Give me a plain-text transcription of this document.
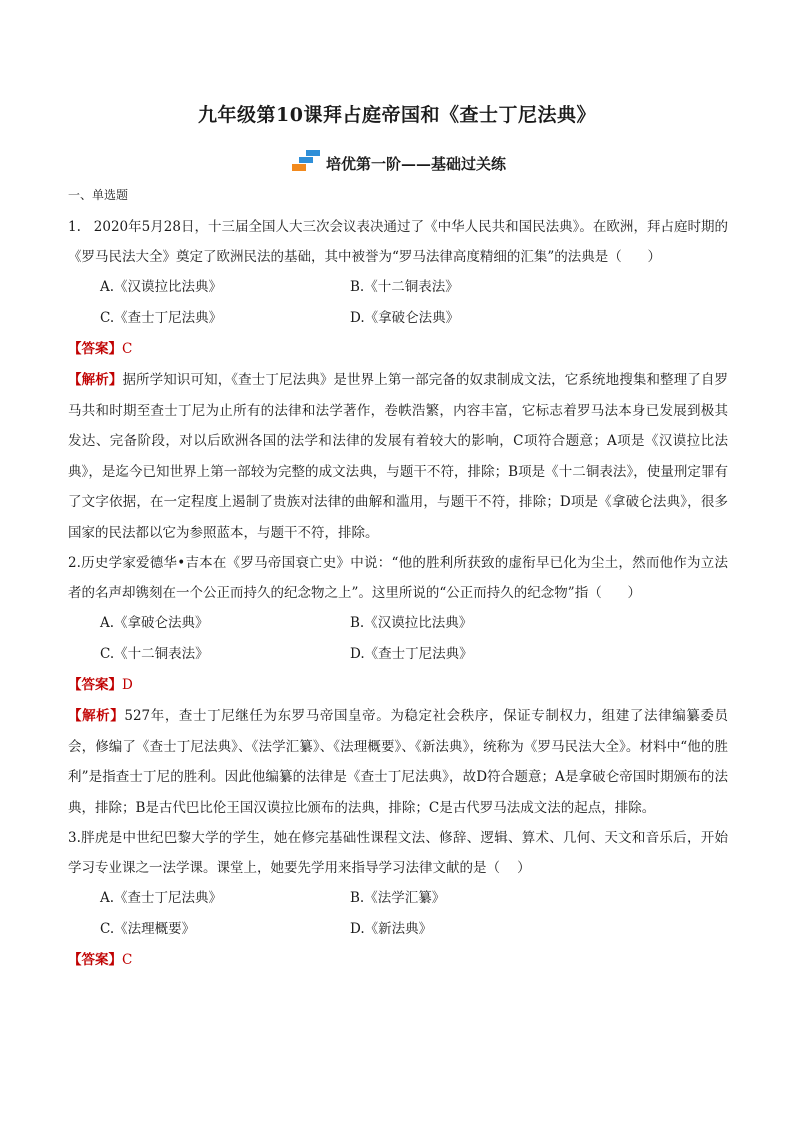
九年级第10课拜占庭帝国和《查士丁尼法典》
培优第一阶——基础过关练
一、单选题

1.   2020年5月28日，十三届全国人大三次会议表决通过了《中华人民共和国民法典》。在欧洲，拜占庭时期的《罗马民法大全》奠定了欧洲民法的基础，其中被誉为“罗马法律高度精细的汇集”的法典是（      ）

A.《汉谟拉比法典》	B.《十二铜表法》
C.《查士丁尼法典》	D.《拿破仑法典》
【答案】C

【解析】据所学知识可知，《查士丁尼法典》是世界上第一部完备的奴隶制成文法，它系统地搜集和整理了自罗马共和时期至查士丁尼为止所有的法律和法学著作，卷帙浩繁，内容丰富，它标志着罗马法本身已发展到极其发达、完备阶段，对以后欧洲各国的法学和法律的发展有着较大的影响，C项符合题意；A项是《汉谟拉比法典》，是迄今已知世界上第一部较为完整的成文法典，与题干不符，排除；B项是《十二铜表法》，使量刑定罪有了文字依据，在一定程度上遏制了贵族对法律的曲解和滥用，与题干不符，排除；D项是《拿破仑法典》，很多国家的民法都以它为参照蓝本，与题干不符，排除。

2.历史学家爱德华•吉本在《罗马帝国衰亡史》中说：“他的胜利所获致的虚衔早已化为尘土，然而他作为立法者的名声却镌刻在一个公正而持久的纪念物之上”。这里所说的“公正而持久的纪念物”指（      ）

A.《拿破仑法典》	B.《汉谟拉比法典》
C.《十二铜表法》	D.《查士丁尼法典》
【答案】D

【解析】527年，查士丁尼继任为东罗马帝国皇帝。为稳定社会秩序，保证专制权力，组建了法律编纂委员会，修编了《查士丁尼法典》、《法学汇纂》、《法理概要》、《新法典》，统称为《罗马民法大全》。材料中“他的胜利”是指查士丁尼的胜利。因此他编纂的法律是《查士丁尼法典》，故D符合题意；A是拿破仑帝国时期颁布的法典，排除；B是古代巴比伦王国汉谟拉比颁布的法典，排除；C是古代罗马法成文法的起点，排除。

3.胖虎是中世纪巴黎大学的学生，她在修完基础性课程文法、修辞、逻辑、算术、几何、天文和音乐后，开始学习专业课之一法学课。课堂上，她要先学用来指导学习法律文献的是（    ）

A.《查士丁尼法典》	B.《法学汇纂》
C.《法理概要》	D.《新法典》
【答案】C
